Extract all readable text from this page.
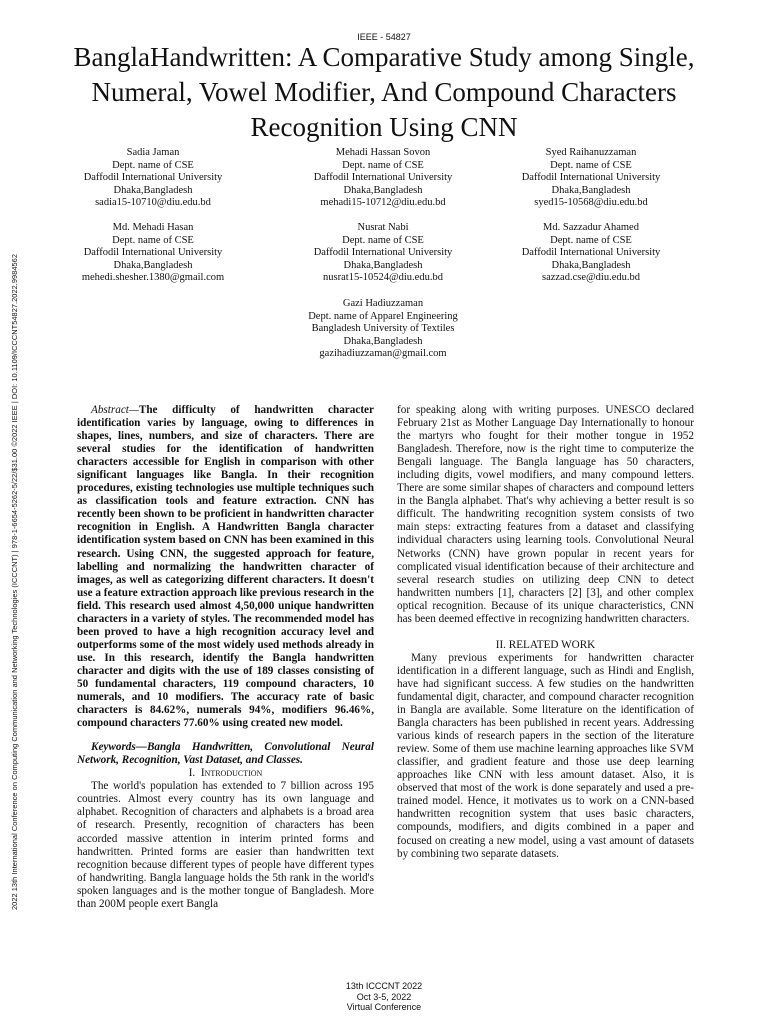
IEEE - 54827
BanglaHandwritten: A Comparative Study among Single, Numeral, Vowel Modifier, And Compound Characters Recognition Using CNN
2022 13th International Conference on Computing Communication and Networking Technologies (ICCCNT) | 978-1-6654-5262-5/22/$31.00 ©2022 IEEE | DOI: 10.1109/ICCCNT54827.2022.9984562
Sadia Jaman
Dept. name of CSE
Daffodil International University
Dhaka,Bangladesh
sadia15-10710@diu.edu.bd
Mehadi Hassan Sovon
Dept. name of CSE
Daffodil International University
Dhaka,Bangladesh
mehadi15-10712@diu.edu.bd
Syed Raihanuzzaman
Dept. name of CSE
Daffodil International University
Dhaka,Bangladesh
syed15-10568@diu.edu.bd
Md. Mehadi Hasan
Dept. name of CSE
Daffodil International University
Dhaka,Bangladesh
mehedi.shesher.1380@gmail.com
Nusrat Nabi
Dept. name of CSE
Daffodil International University
Dhaka,Bangladesh
nusrat15-10524@diu.edu.bd
Md. Sazzadur Ahamed
Dept. name of CSE
Daffodil International University
Dhaka,Bangladesh
sazzad.cse@diu.edu.bd
Gazi Hadiuzzaman
Dept. name of Apparel Engineering
Bangladesh University of Textiles
Dhaka,Bangladesh
gazihadiuzzaman@gmail.com

Abstract—The difficulty of handwritten character identification varies by language, owing to differences in shapes, lines, numbers, and size of characters. There are several studies for the identification of handwritten characters accessible for English in comparison with other significant languages like Bangla. In their recognition procedures, existing technologies use multiple techniques such as classification tools and feature extraction. CNN has recently been shown to be proficient in handwritten character recognition in English. A Handwritten Bangla character identification system based on CNN has been examined in this research. Using CNN, the suggested approach for feature, labelling and normalizing the handwritten character of images, as well as categorizing different characters. It doesn't use a feature extraction approach like previous research in the field. This research used almost 4,50,000 unique handwritten characters in a variety of styles. The recommended model has been proved to have a high recognition accuracy level and outperforms some of the most widely used methods already in use. In this research, identify the Bangla handwritten character and digits with the use of 189 classes consisting of 50 fundamental characters, 119 compound characters, 10 numerals, and 10 modifiers. The accuracy rate of basic characters is 84.62%, numerals 94%, modifiers 96.46%, compound characters 77.60% using created new model.

Keywords—Bangla Handwritten, Convolutional Neural Network, Recognition, Vast Dataset, and Classes.

I. Introduction

The world's population has extended to 7 billion across 195 countries. Almost every country has its own language and alphabet. Recognition of characters and alphabets is a broad area of research. Presently, recognition of characters has been accorded massive attention in interim printed forms and handwritten. Printed forms are easier than handwritten text recognition because different types of people have different types of handwriting. Bangla language holds the 5th rank in the world's spoken languages and is the mother tongue of Bangladesh. More than 200M people exert Bangla

for speaking along with writing purposes. UNESCO declared February 21st as Mother Language Day Internationally to honour the martyrs who fought for their mother tongue in 1952 Bangladesh. Therefore, now is the right time to computerize the Bengali language. The Bangla language has 50 characters, including digits, vowel modifiers, and many compound letters. There are some similar shapes of characters and compound letters in the Bangla alphabet. That's why achieving a better result is so difficult. The handwriting recognition system consists of two main steps: extracting features from a dataset and classifying individual characters using learning tools. Convolutional Neural Networks (CNN) have grown popular in recent years for complicated visual identification because of their architecture and several research studies on utilizing deep CNN to detect handwritten numbers [1], characters [2] [3], and other complex optical recognition. Because of its unique characteristics, CNN has been deemed effective in recognizing handwritten characters.

II. RELATED WORK

Many previous experiments for handwritten character identification in a different language, such as Hindi and English, have had significant success. A few studies on the handwritten fundamental digit, character, and compound character recognition in Bangla are available. Some literature on the identification of Bangla characters has been published in recent years. Addressing various kinds of research papers in the section of the literature review. Some of them use machine learning approaches like SVM classifier, and gradient feature and those use deep learning approaches like CNN with less amount dataset. Also, it is observed that most of the work is done separately and used a pre-trained model. Hence, it motivates us to work on a CNN-based handwritten recognition system that uses basic characters, compounds, modifiers, and digits combined in a paper and focused on creating a new model, using a vast amount of datasets by combining two separate datasets.

13th ICCCNT 2022
Oct 3-5, 2022
Virtual Conference
